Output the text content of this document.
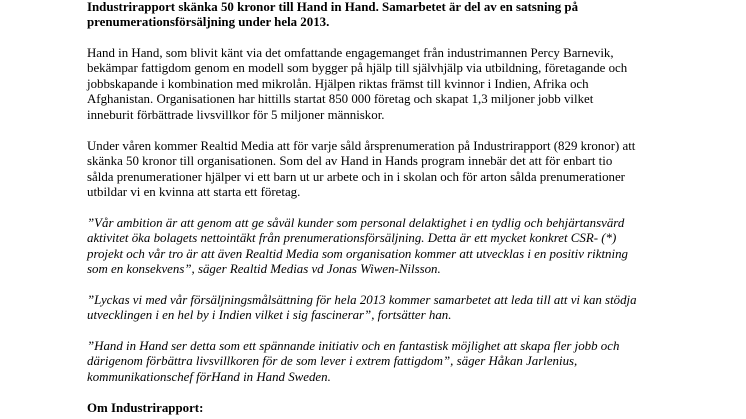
Industrirapport skänka 50 kronor till Hand in Hand. Samarbetet är del av en satsning på
prenumerationsförsäljning under hela 2013.

Hand in Hand, som blivit känt via det omfattande engagemanget från industrimannen Percy Barnevik,
bekämpar fattigdom genom en modell som bygger på hjälp till självhjälp via utbildning, företagande och
jobbskapande i kombination med mikrolån. Hjälpen riktas främst till kvinnor i Indien, Afrika och
Afghanistan. Organisationen har hittills startat 850 000 företag och skapat 1,3 miljoner jobb vilket
inneburit förbättrade livsvillkor för 5 miljoner människor.

Under våren kommer Realtid Media att för varje såld årsprenumeration på Industrirapport (829 kronor) att
skänka 50 kronor till organisationen. Som del av Hand in Hands program innebär det att för enbart tio
sålda prenumerationer hjälper vi ett barn ut ur arbete och in i skolan och för arton sålda prenumerationer
utbildar vi en kvinna att starta ett företag.

”Vår ambition är att genom att ge såväl kunder som personal delaktighet i en tydlig och behjärtansvärd
aktivitet öka bolagets nettointäkt från prenumerationsförsäljning. Detta är ett mycket konkret CSR- (*)
projekt och vår tro är att även Realtid Media som organisation kommer att utvecklas i en positiv riktning
som en konsekvens”, säger Realtid Medias vd Jonas Wiwen-Nilsson.

”Lyckas vi med vår försäljningsmålsättning för hela 2013 kommer samarbetet att leda till att vi kan stödja
utvecklingen i en hel by i Indien vilket i sig fascinerar”, fortsätter han.

”Hand in Hand ser detta som ett spännande initiativ och en fantastisk möjlighet att skapa fler jobb och
därigenom förbättra livsvillkoren för de som lever i extrem fattigdom”, säger Håkan Jarlenius,
kommunikationschef förHand in Hand Sweden.

Om Industrirapport:
